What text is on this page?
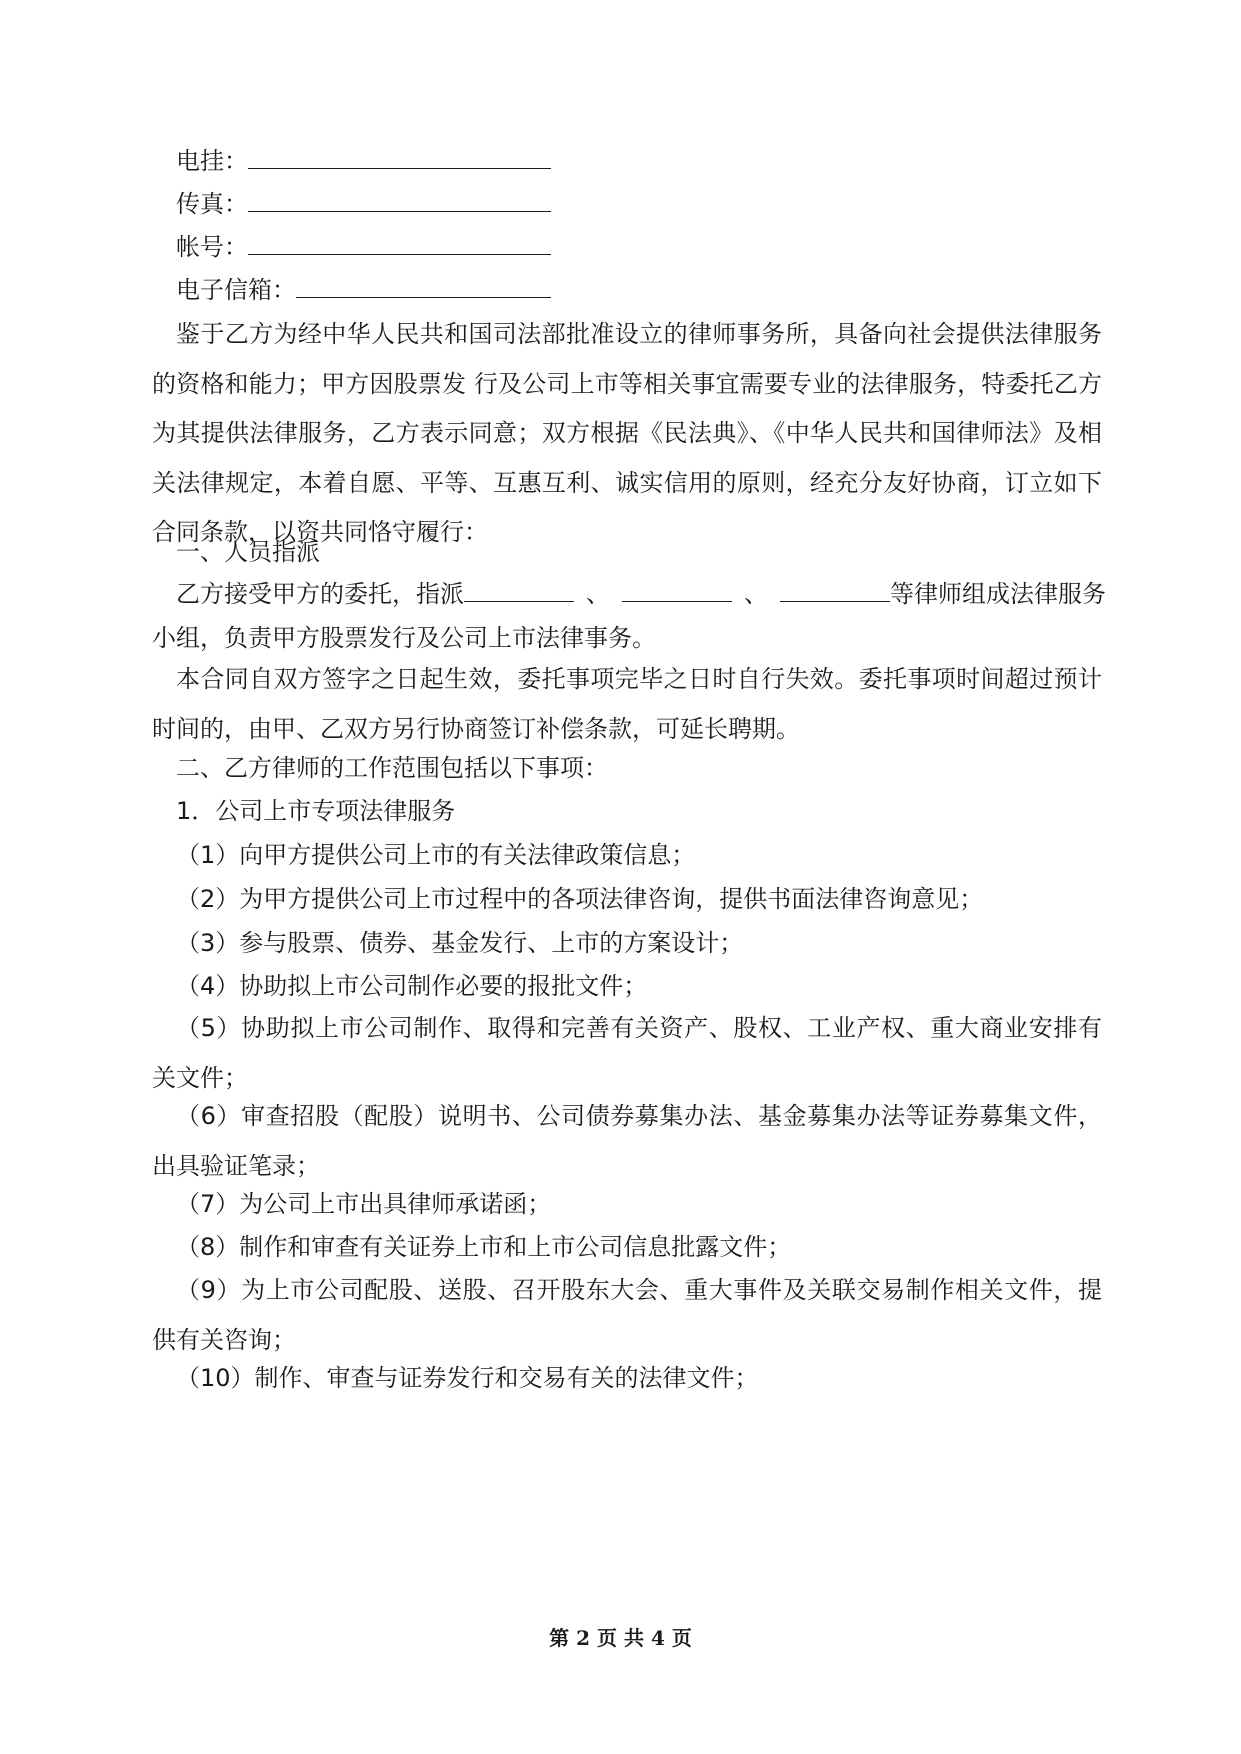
电挂：
传真：
帐号：
电子信箱：

鉴于乙方为经中华人民共和国司法部批准设立的律师事务所，具备向社会提供法律服务的资格和能力；甲方因股票发 行及公司上市等相关事宜需要专业的法律服务，特委托乙方为其提供法律服务，乙方表示同意；双方根据《民法典》、《中华人民共和国律师法》及相关法律规定，本着自愿、平等、互惠互利、诚实信用的原则，经充分友好协商，订立如下合同条款，以资共同恪守履行：

一、人员指派
乙方接受甲方的委托，指派	、	、	等律师组成法律服务
小组，负责甲方股票发行及公司上市法律事务。

本合同自双方签字之日起生效，委托事项完毕之日时自行失效。委托事项时间超过预计时间的，由甲、乙双方另行协商签订补偿条款，可延长聘期。

二、乙方律师的工作范围包括以下事项：
1．公司上市专项法律服务
（1）向甲方提供公司上市的有关法律政策信息；
（2）为甲方提供公司上市过程中的各项法律咨询，提供书面法律咨询意见；
（3）参与股票、债券、基金发行、上市的方案设计；
（4）协助拟上市公司制作必要的报批文件；

（5）协助拟上市公司制作、取得和完善有关资产、股权、工业产权、重大商业安排有关文件；

（6）审查招股（配股）说明书、公司债券募集办法、基金募集办法等证券募集文件，出具验证笔录；

（7）为公司上市出具律师承诺函；
（8）制作和审查有关证券上市和上市公司信息批露文件；

（9）为上市公司配股、送股、召开股东大会、重大事件及关联交易制作相关文件，提供有关咨询；

（10）制作、审查与证券发行和交易有关的法律文件；
第 2 页 共 4 页
